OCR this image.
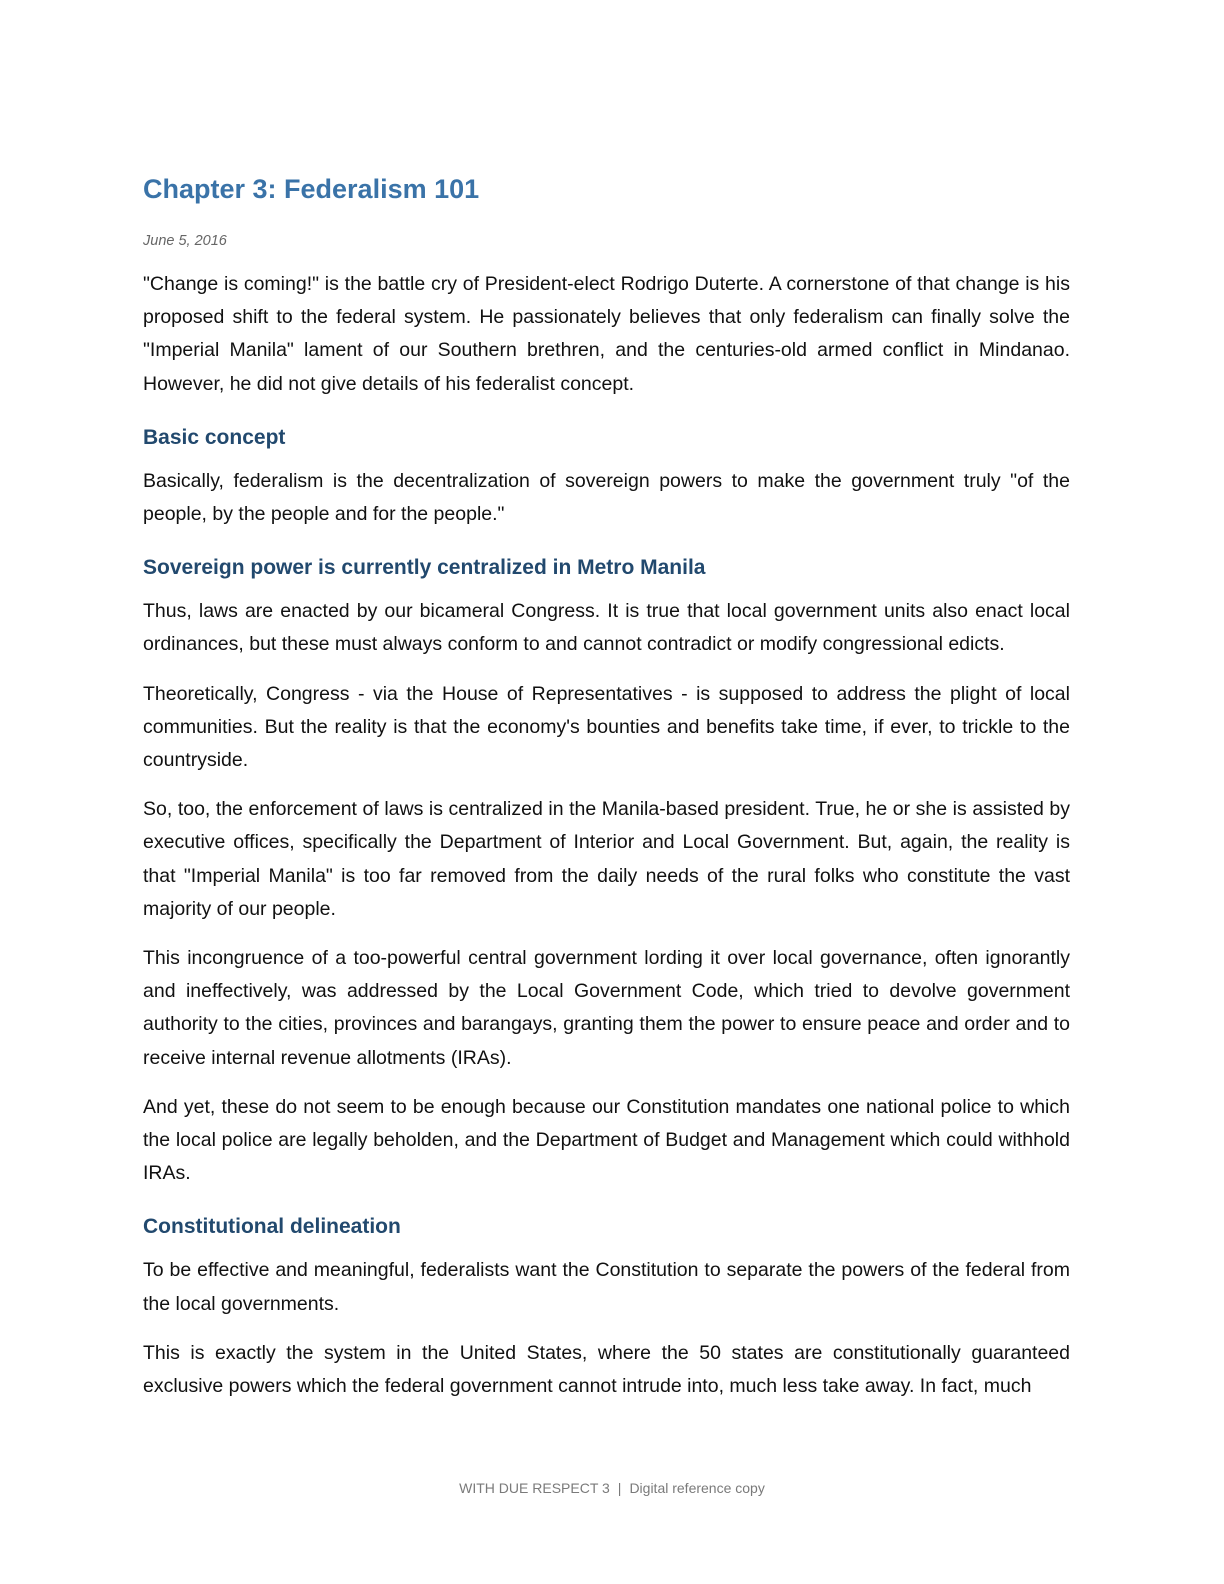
Chapter 3: Federalism 101
June 5, 2016

"Change is coming!" is the battle cry of President-elect Rodrigo Duterte. A cornerstone of that change is his proposed shift to the federal system. He passionately believes that only federalism can finally solve the "Imperial Manila" lament of our Southern brethren, and the centuries-old armed conflict in Mindanao. However, he did not give details of his federalist concept.

Basic concept

Basically, federalism is the decentralization of sovereign powers to make the government truly "of the people, by the people and for the people."

Sovereign power is currently centralized in Metro Manila

Thus, laws are enacted by our bicameral Congress. It is true that local government units also enact local ordinances, but these must always conform to and cannot contradict or modify congressional edicts.

Theoretically, Congress - via the House of Representatives - is supposed to address the plight of local communities. But the reality is that the economy's bounties and benefits take time, if ever, to trickle to the countryside.

So, too, the enforcement of laws is centralized in the Manila-based president. True, he or she is assisted by executive offices, specifically the Department of Interior and Local Government. But, again, the reality is that "Imperial Manila" is too far removed from the daily needs of the rural folks who constitute the vast majority of our people.

This incongruence of a too-powerful central government lording it over local governance, often ignorantly and ineffectively, was addressed by the Local Government Code, which tried to devolve government authority to the cities, provinces and barangays, granting them the power to ensure peace and order and to receive internal revenue allotments (IRAs).

And yet, these do not seem to be enough because our Constitution mandates one national police to which the local police are legally beholden, and the Department of Budget and Management which could withhold IRAs.

Constitutional delineation

To be effective and meaningful, federalists want the Constitution to separate the powers of the federal from the local governments.

This is exactly the system in the United States, where the 50 states are constitutionally guaranteed exclusive powers which the federal government cannot intrude into, much less take away. In fact, much

WITH DUE RESPECT 3 | Digital reference copy
